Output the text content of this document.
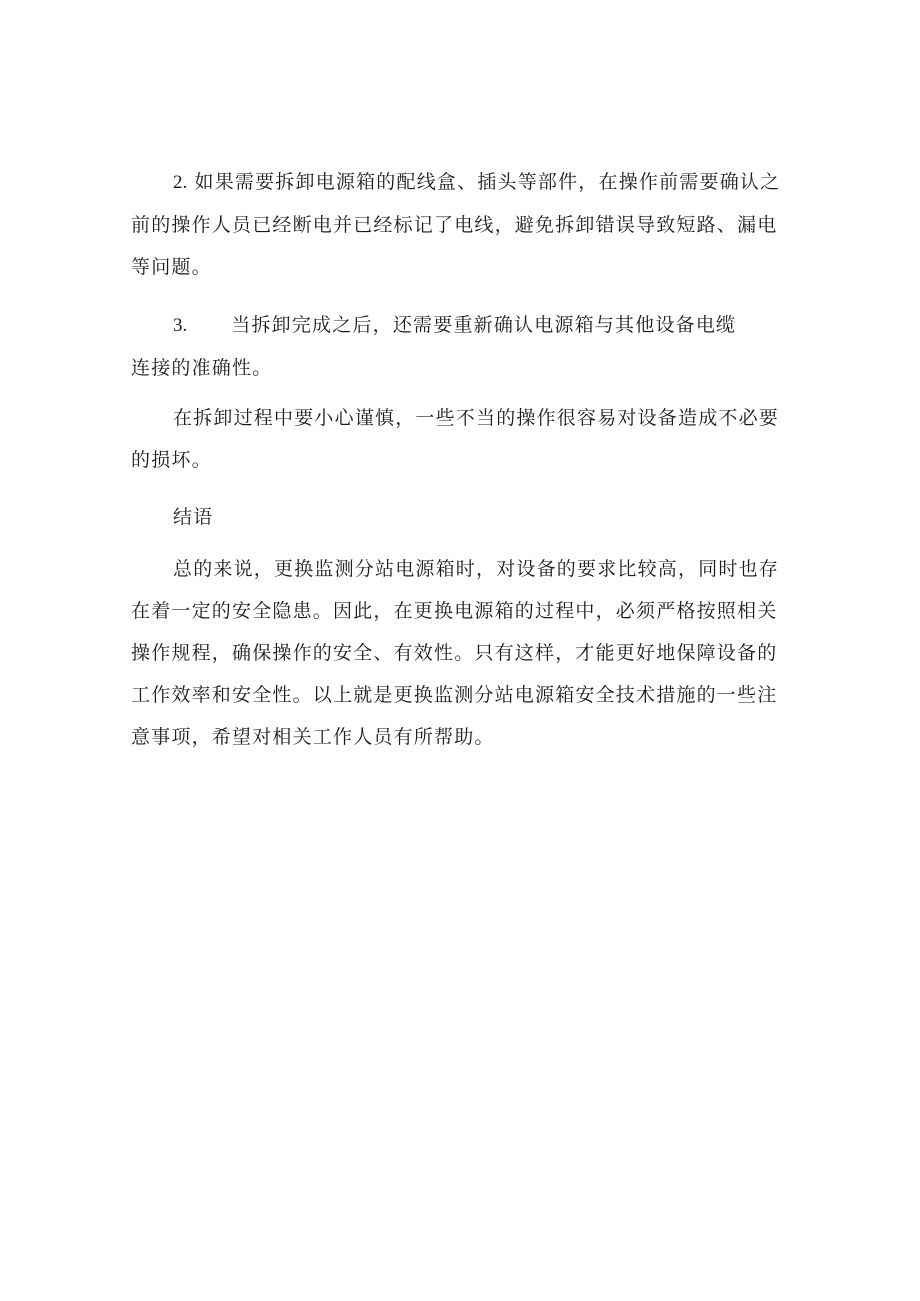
2. 如果需要拆卸电源箱的配线盒、插头等部件，在操作前需要确认之前的操作人员已经断电并已经标记了电线，避免拆卸错误导致短路、漏电等问题。

3. 当拆卸完成之后，还需要重新确认电源箱与其他设备电缆
连接的准确性。

在拆卸过程中要小心谨慎，一些不当的操作很容易对设备造成不必要的损坏。

结语

总的来说，更换监测分站电源箱时，对设备的要求比较高，同时也存在着一定的安全隐患。因此，在更换电源箱的过程中，必须严格按照相关操作规程，确保操作的安全、有效性。只有这样，才能更好地保障设备的工作效率和安全性。以上就是更换监测分站电源箱安全技术措施的一些注意事项，希望对相关工作人员有所帮助。
